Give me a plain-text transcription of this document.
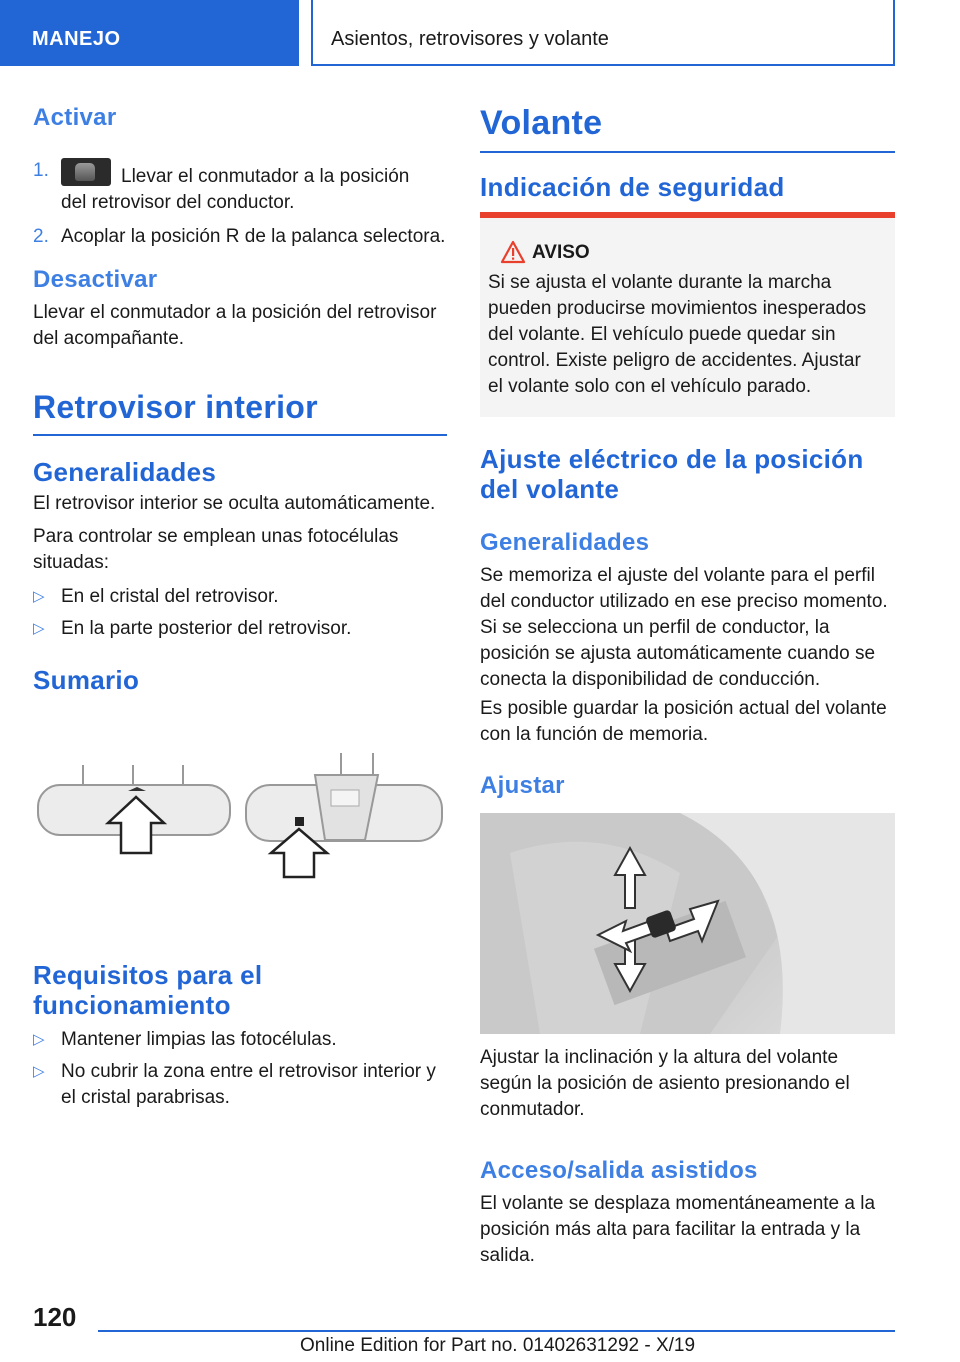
MANEJO	Asientos, retrovisores y volante
Activar
1.	Llevar el conmutador a la posición
del retrovisor del conductor.
2. Acoplar la posición R de la palanca selectora.
Desactivar

Llevar el conmutador a la posición del retrovisor del acompañante.

Retrovisor interior
Generalidades

El retrovisor interior se oculta automáticamente.

Para controlar se emplean unas fotocélulas situadas:

▷ En el cristal del retrovisor.
▷ En la parte posterior del retrovisor.
Sumario
Requisitos para el funcionamiento
▷ Mantener limpias las fotocélulas.
▷ No cubrir la zona entre el retrovisor interior y el cristal parabrisas.
Volante
Indicación de seguridad
AVISO

Si se ajusta el volante durante la marcha pueden producirse movimientos inesperados del volante. El vehículo puede quedar sin control. Existe peligro de accidentes. Ajustar el volante solo con el vehículo parado.

Ajuste eléctrico de la posición del volante
Generalidades

Se memoriza el ajuste del volante para el perfil del conductor utilizado en ese preciso momento. Si se selecciona un perfil de conductor, la posición se ajusta automáticamente cuando se conecta la disponibilidad de conducción.

Es posible guardar la posición actual del volante con la función de memoria.

Ajustar

Ajustar la inclinación y la altura del volante según la posición de asiento presionando el conmutador.

Acceso/salida asistidos

El volante se desplaza momentáneamente a la posición más alta para facilitar la entrada y la salida.

120
Online Edition for Part no. 01402631292 - X/19
